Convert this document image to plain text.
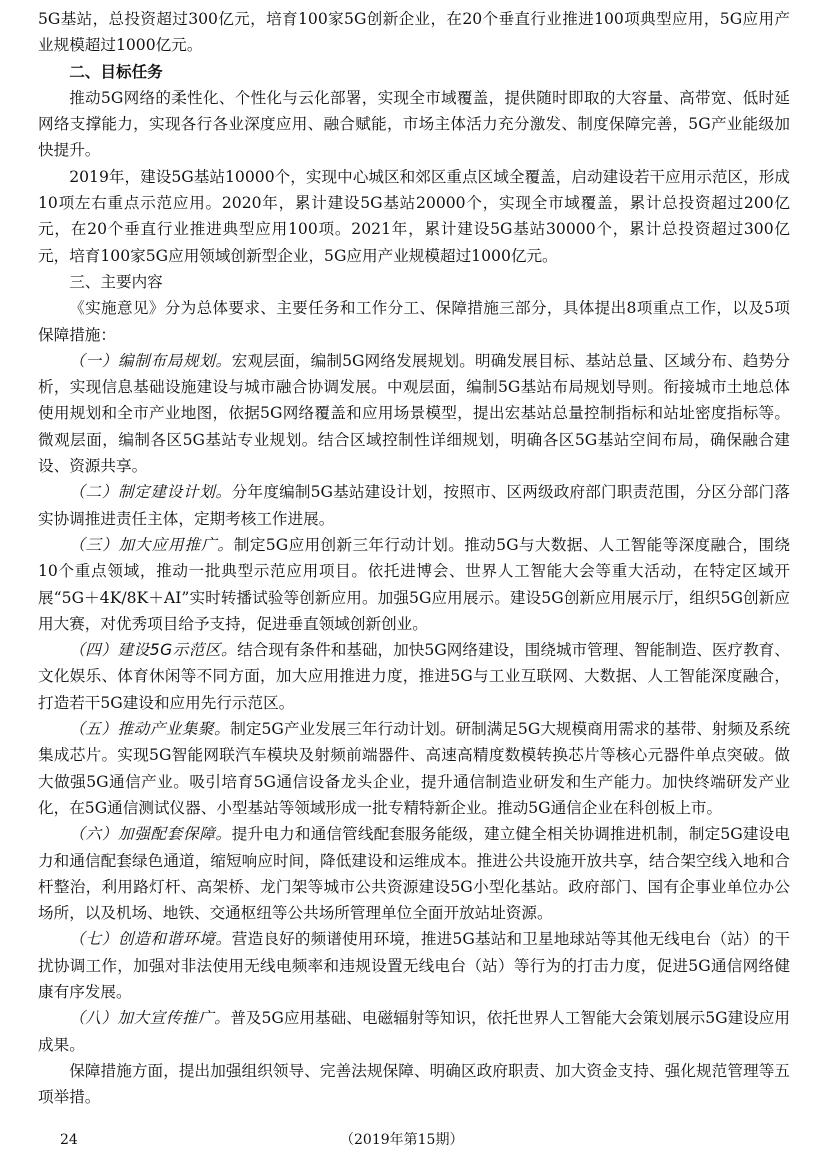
5G基站，总投资超过300亿元，培育100家5G创新企业，在20个垂直行业推进100项典型应用，5G应用产业规模超过1000亿元。

二、目标任务

推动5G网络的柔性化、个性化与云化部署，实现全市域覆盖，提供随时即取的大容量、高带宽、低时延网络支撑能力，实现各行各业深度应用、融合赋能，市场主体活力充分激发、制度保障完善，5G产业能级加快提升。

2019年，建设5G基站10000个，实现中心城区和郊区重点区域全覆盖，启动建设若干应用示范区，形成10项左右重点示范应用。2020年，累计建设5G基站20000个，实现全市域覆盖，累计总投资超过200亿元，在20个垂直行业推进典型应用100项。2021年，累计建设5G基站30000个，累计总投资超过300亿元，培育100家5G应用领域创新型企业，5G应用产业规模超过1000亿元。

三、主要内容

《实施意见》分为总体要求、主要任务和工作分工、保障措施三部分，具体提出8项重点工作，以及5项保障措施：

（一）编制布局规划。宏观层面，编制5G网络发展规划。明确发展目标、基站总量、区域分布、趋势分析，实现信息基础设施建设与城市融合协调发展。中观层面，编制5G基站布局规划导则。衔接城市土地总体使用规划和全市产业地图，依据5G网络覆盖和应用场景模型，提出宏基站总量控制指标和站址密度指标等。微观层面，编制各区5G基站专业规划。结合区域控制性详细规划，明确各区5G基站空间布局，确保融合建设、资源共享。

（二）制定建设计划。分年度编制5G基站建设计划，按照市、区两级政府部门职责范围，分区分部门落实协调推进责任主体，定期考核工作进展。

（三）加大应用推广。制定5G应用创新三年行动计划。推动5G与大数据、人工智能等深度融合，围绕10个重点领域，推动一批典型示范应用项目。依托进博会、世界人工智能大会等重大活动，在特定区域开展“5G＋4K/8K＋AI”实时转播试验等创新应用。加强5G应用展示。建设5G创新应用展示厅，组织5G创新应用大赛，对优秀项目给予支持，促进垂直领域创新创业。

（四）建设5G示范区。结合现有条件和基础，加快5G网络建设，围绕城市管理、智能制造、医疗教育、文化娱乐、体育休闲等不同方面，加大应用推进力度，推进5G与工业互联网、大数据、人工智能深度融合，打造若干5G建设和应用先行示范区。

（五）推动产业集聚。制定5G产业发展三年行动计划。研制满足5G大规模商用需求的基带、射频及系统集成芯片。实现5G智能网联汽车模块及射频前端器件、高速高精度数模转换芯片等核心元器件单点突破。做大做强5G通信产业。吸引培育5G通信设备龙头企业，提升通信制造业研发和生产能力。加快终端研发产业化，在5G通信测试仪器、小型基站等领域形成一批专精特新企业。推动5G通信企业在科创板上市。

（六）加强配套保障。提升电力和通信管线配套服务能级，建立健全相关协调推进机制，制定5G建设电力和通信配套绿色通道，缩短响应时间，降低建设和运维成本。推进公共设施开放共享，结合架空线入地和合杆整治，利用路灯杆、高架桥、龙门架等城市公共资源建设5G小型化基站。政府部门、国有企事业单位办公场所，以及机场、地铁、交通枢纽等公共场所管理单位全面开放站址资源。

（七）创造和谐环境。营造良好的频谱使用环境，推进5G基站和卫星地球站等其他无线电台（站）的干扰协调工作，加强对非法使用无线电频率和违规设置无线电台（站）等行为的打击力度，促进5G通信网络健康有序发展。

（八）加大宣传推广。普及5G应用基础、电磁辐射等知识，依托世界人工智能大会策划展示5G建设应用成果。

保障措施方面，提出加强组织领导、完善法规保障、明确区政府职责、加大资金支持、强化规范管理等五项举措。

24	（2019年第15期）
